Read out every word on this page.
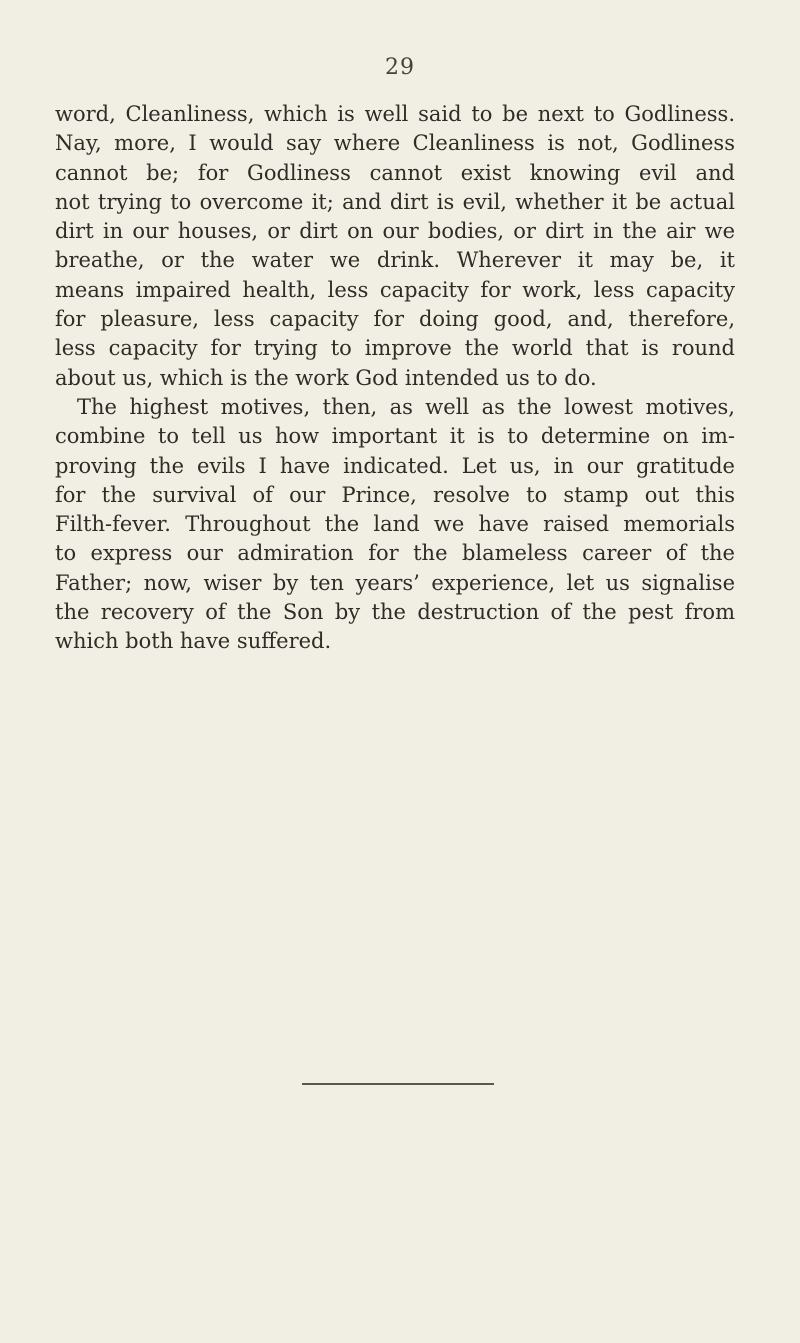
29
word, Cleanliness, which is well said to be next to Godliness.
Nay, more, I would say where Cleanliness is not, Godliness
cannot be; for Godliness cannot exist knowing evil and
not trying to overcome it; and dirt is evil, whether it be actual
dirt in our houses, or dirt on our bodies, or dirt in the air we
breathe, or the water we drink. Wherever it may be, it
means impaired health, less capacity for work, less capacity
for pleasure, less capacity for doing good, and, therefore,
less capacity for trying to improve the world that is round
about us, which is the work God intended us to do.
The highest motives, then, as well as the lowest motives,
combine to tell us how important it is to determine on im-
proving the evils I have indicated. Let us, in our gratitude
for the survival of our Prince, resolve to stamp out this
Filth-fever. Throughout the land we have raised memorials
to express our admiration for the blameless career of the
Father; now, wiser by ten years’ experience, let us signalise
the recovery of the Son by the destruction of the pest from
which both have suffered.
